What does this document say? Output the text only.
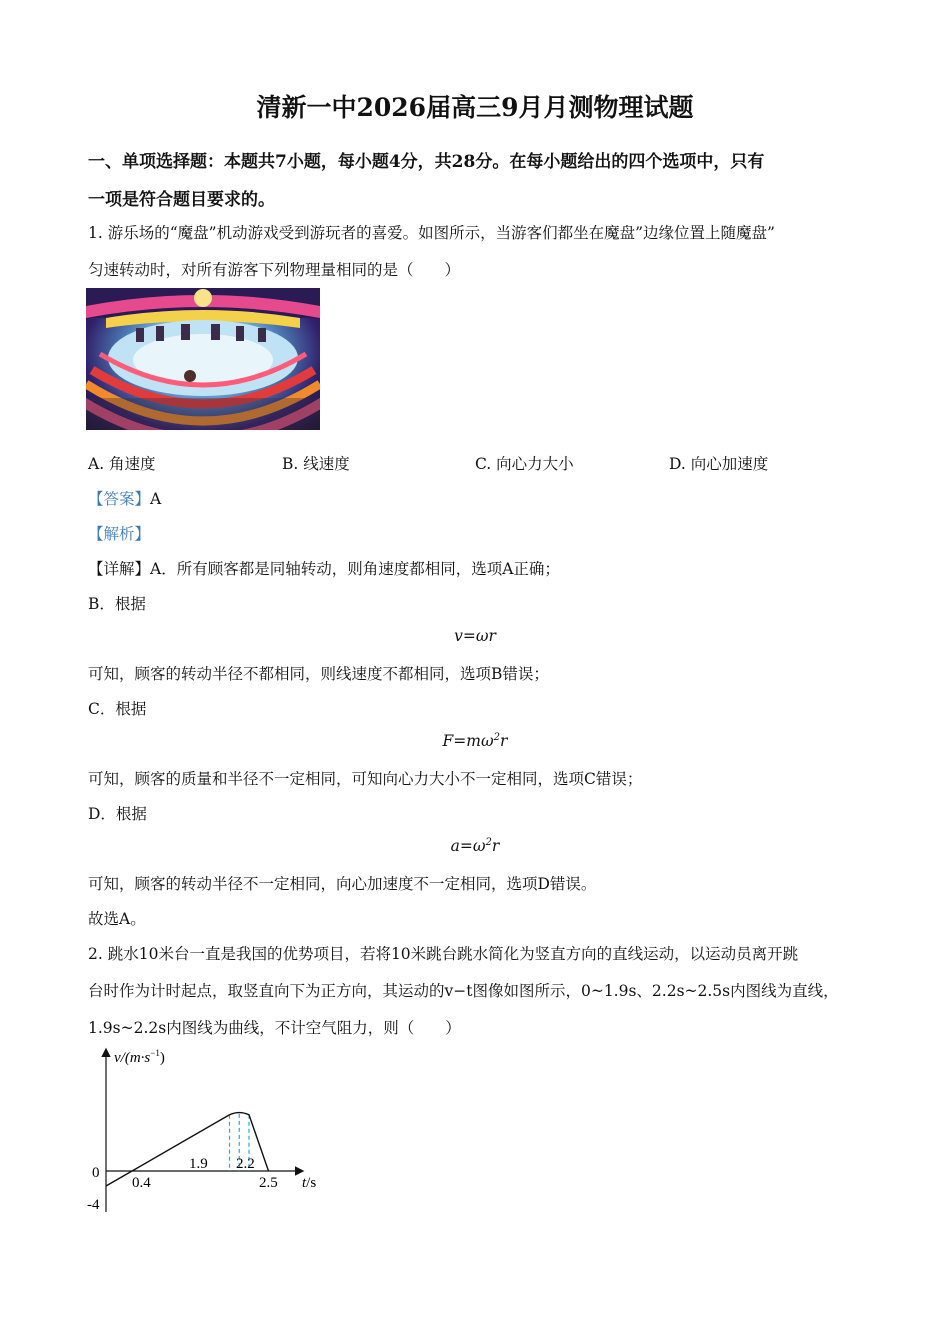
清新一中2026届高三9月月测物理试题
一、单项选择题：本题共7小题，每小题4分，共28分。在每小题给出的四个选项中，只有
一项是符合题目要求的。
1. 游乐场的“魔盘”机动游戏受到游玩者的喜爱。如图所示，当游客们都坐在魔盘”边缘位置上随魔盘”
匀速转动时，对所有游客下列物理量相同的是（　　）
A. 角速度	B. 线速度	C. 向心力大小	D. 向心加速度
【答案】A
【解析】
【详解】A．所有顾客都是同轴转动，则角速度都相同，选项A正确；
B．根据
v=ωr
可知，顾客的转动半径不都相同，则线速度不都相同，选项B错误；
C．根据
$F=m\omega^2r$
可知，顾客的质量和半径不一定相同，可知向心力大小不一定相同，选项C错误；
D．根据
$a=\omega^2r$
可知，顾客的转动半径不一定相同，向心加速度不一定相同，选项D错误。
故选A。
2. 跳水10米台一直是我国的优势项目，若将10米跳台跳水简化为竖直方向的直线运动，以运动员离开跳
台时作为计时起点，取竖直向下为正方向，其运动的v−t图像如图所示，0~1.9s、2.2s~2.5s内图线为直线，
1.9s~2.2s内图线为曲线，不计空气阻力，则（　　）
$v/(m\cdot s^{-1})$
0
-4
0.4
1.9 2.2
2.5 t/s
